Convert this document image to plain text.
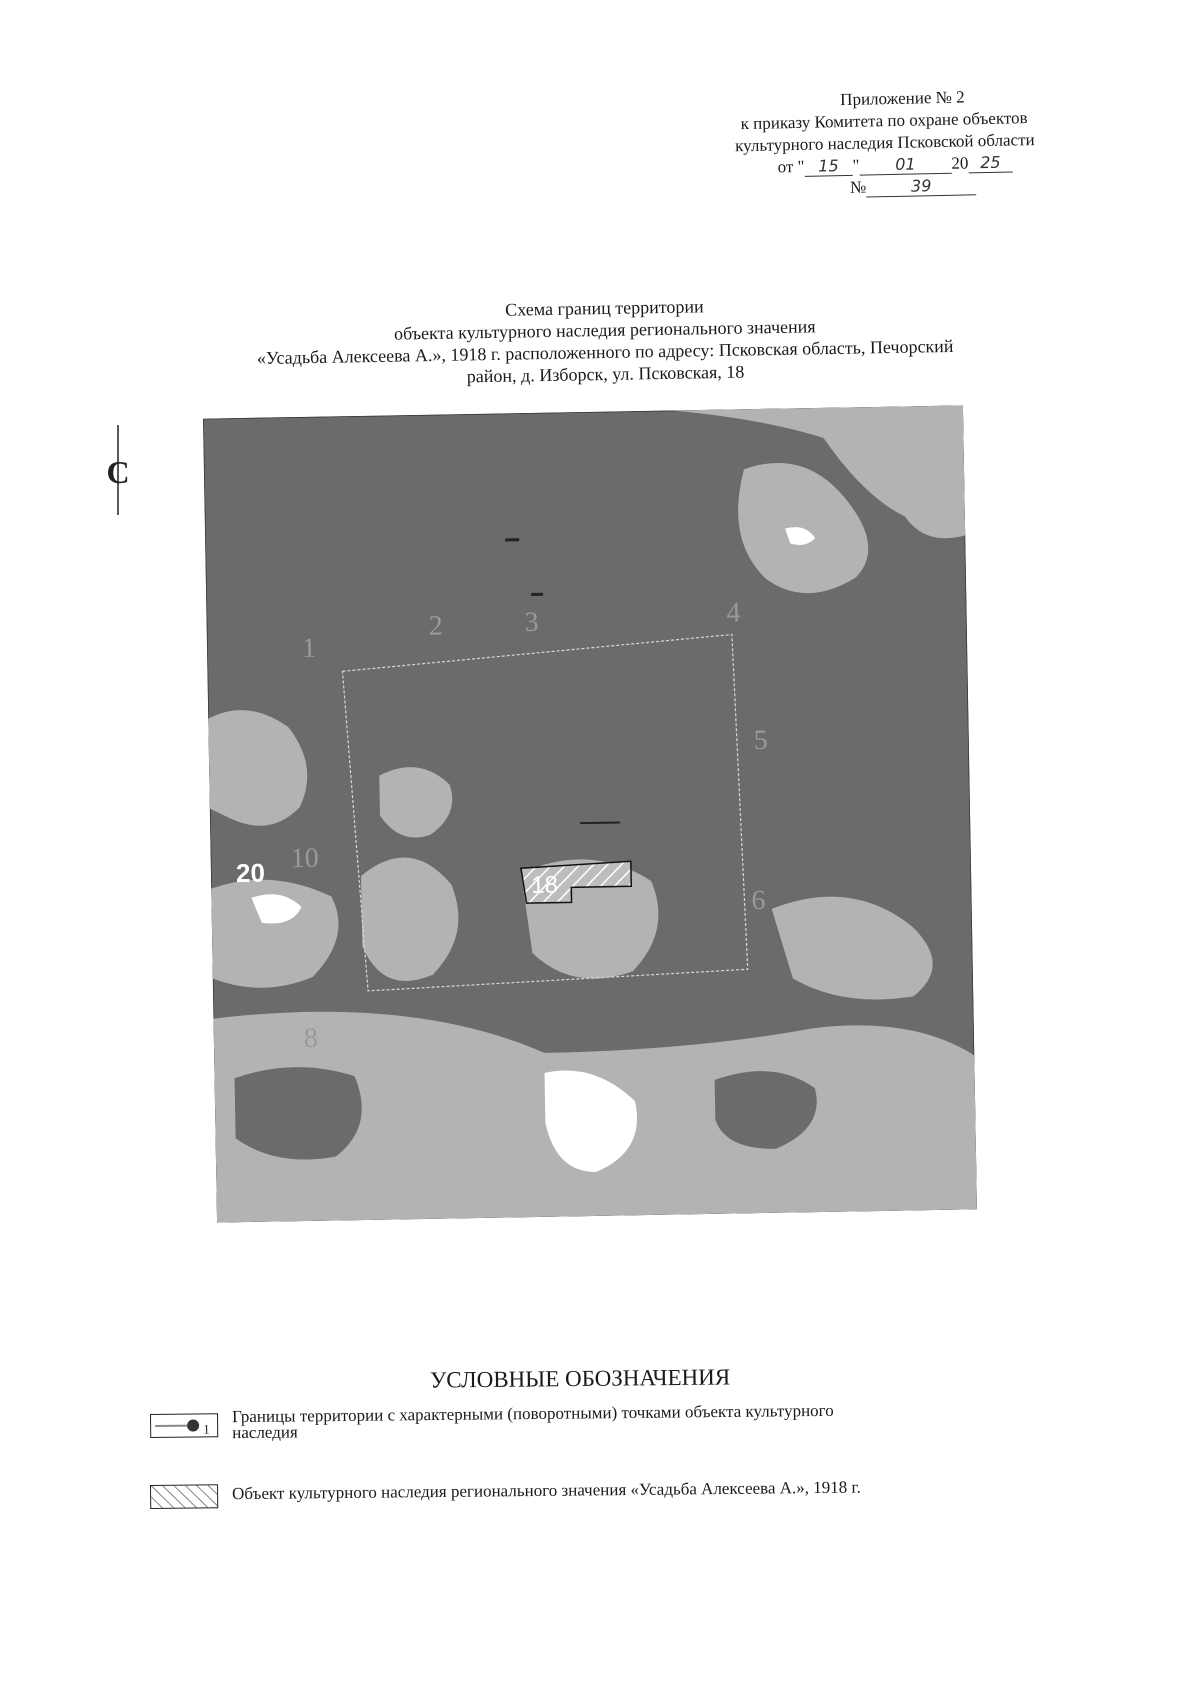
Приложение № 2
к приказу Комитета по охране объектов
культурного наследия Псковской области
от " 15 " 01 20 25
№	39
Схема границ территории
объекта культурного наследия регионального значения
«Усадьба Алексеева А.», 1918 г. расположенного по адресу: Псковская область, Печорский
район, д. Изборск, ул. Псковская, 18
С
18
20
1
2	3	4
5
6
8
10
УСЛОВНЫЕ ОБОЗНАЧЕНИЯ
1
Границы территории с характерными (поворотными) точками объекта культурного
наследия
Объект культурного наследия регионального значения «Усадьба Алексеева А.», 1918 г.
